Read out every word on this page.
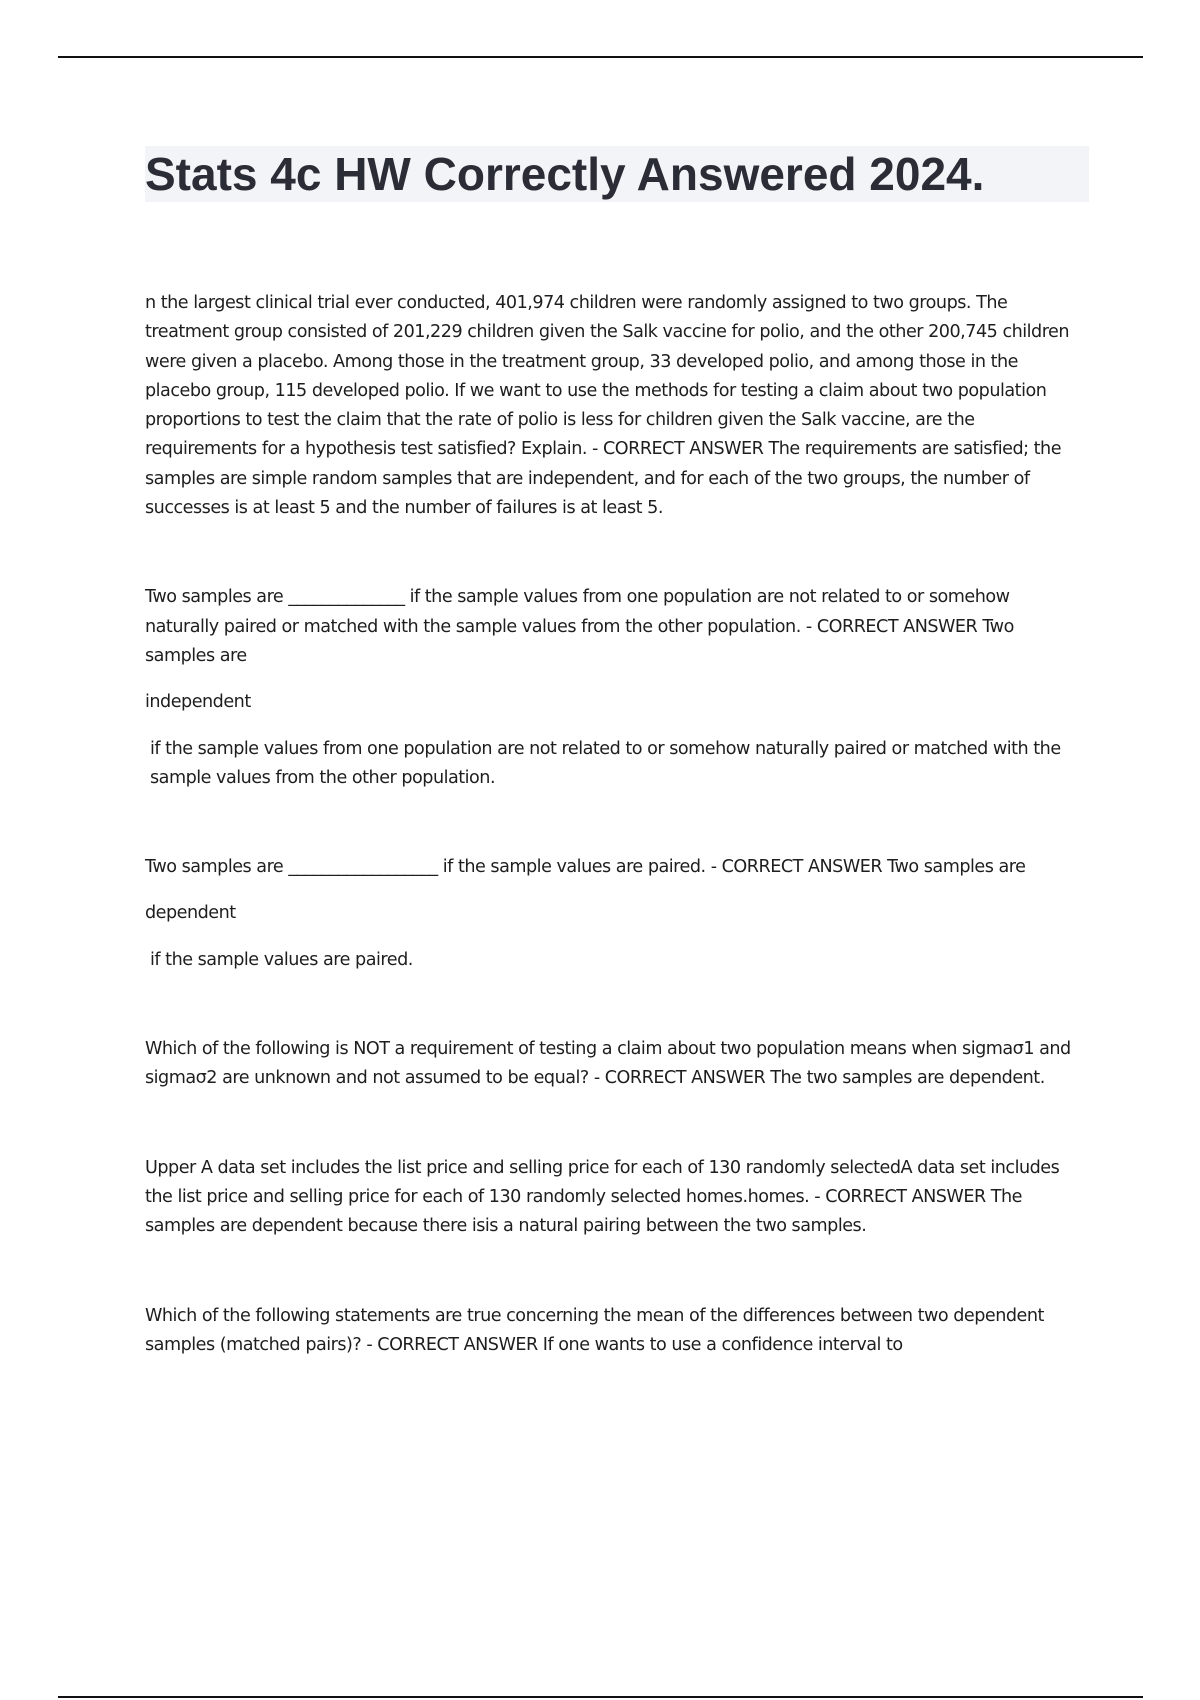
Stats 4c HW Correctly Answered 2024.

n the largest clinical trial ever conducted, 401,974 children were randomly assigned to two groups. The treatment group consisted of 201,229 children given the Salk vaccine for polio, and the other 200,745 children were given a placebo. Among those in the treatment group, 33 developed polio, and among those in the placebo group, 115 developed polio. If we want to use the methods for testing a claim about two population proportions to test the claim that the rate of polio is less for children given the Salk vaccine, are the requirements for a hypothesis test satisfied? Explain. - CORRECT ANSWER The requirements are satisfied; the samples are simple random samples that are independent, and for each of the two groups, the number of successes is at least 5 and the number of failures is at least 5.

Two samples are ______________ if the sample values from one population are not related to or somehow naturally paired or matched with the sample values from the other population. - CORRECT ANSWER Two samples are

independent

if the sample values from one population are not related to or somehow naturally paired or matched with the sample values from the other population.

Two samples are __________________ if the sample values are paired. - CORRECT ANSWER Two samples are

dependent

if the sample values are paired.

Which of the following is NOT a requirement of testing a claim about two population means when sigmaσ1 and sigmaσ2 are unknown and not assumed to be equal? - CORRECT ANSWER The two samples are dependent.

Upper A data set includes the list price and selling price for each of 130 randomly selectedA data set includes the list price and selling price for each of 130 randomly selected homes.homes. - CORRECT ANSWER The samples are dependent because there isis a natural pairing between the two samples.

Which of the following statements are true concerning the mean of the differences between two dependent samples (matched pairs)? - CORRECT ANSWER If one wants to use a confidence interval to
